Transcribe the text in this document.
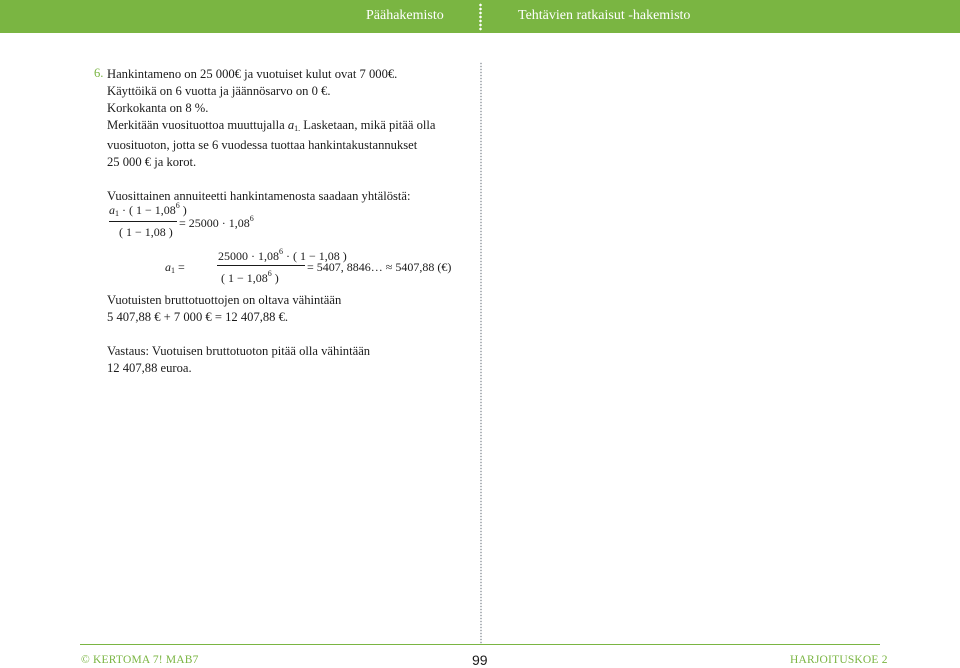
Päähakemisto	Tehtävien ratkaisut -hakemisto
6. Hankintameno on 25 000€ ja vuotuiset kulut ovat 7 000€.

Käyttöikä on 6 vuotta ja jäännösarvo on 0 €.

Korkokanta on 8 %.

Merkitään vuosituottoa muuttujalla $a_{1.}$ Lasketaan, mikä pitää olla

vuosituoton, jotta se 6 vuodessa tuottaa hankintakustannukset

25 000 € ja korot.

Vuosittainen annuiteetti hankintamenosta saadaan yhtälöstä:

$a_1$ · ( $1 - 1,08^6$ )
( 1 − 1,08 )
= $25000 \cdot 1,08^6$
$a_1$ =
$25000 \cdot 1,08^6$ · ( 1 − 1,08 )
( $1 - 1,08^6$ )
= 5407, 8846… ≈ 5407,88 (€)

Vuotuisten bruttotuottojen on oltava vähintään

5 407,88 € + 7 000 € = 12 407,88 €.

Vastaus: Vuotuisen bruttotuoton pitää olla vähintään

12 407,88 euroa.

© KERTOMA 7! MAB7	99	HARJOITUSKOE 2
